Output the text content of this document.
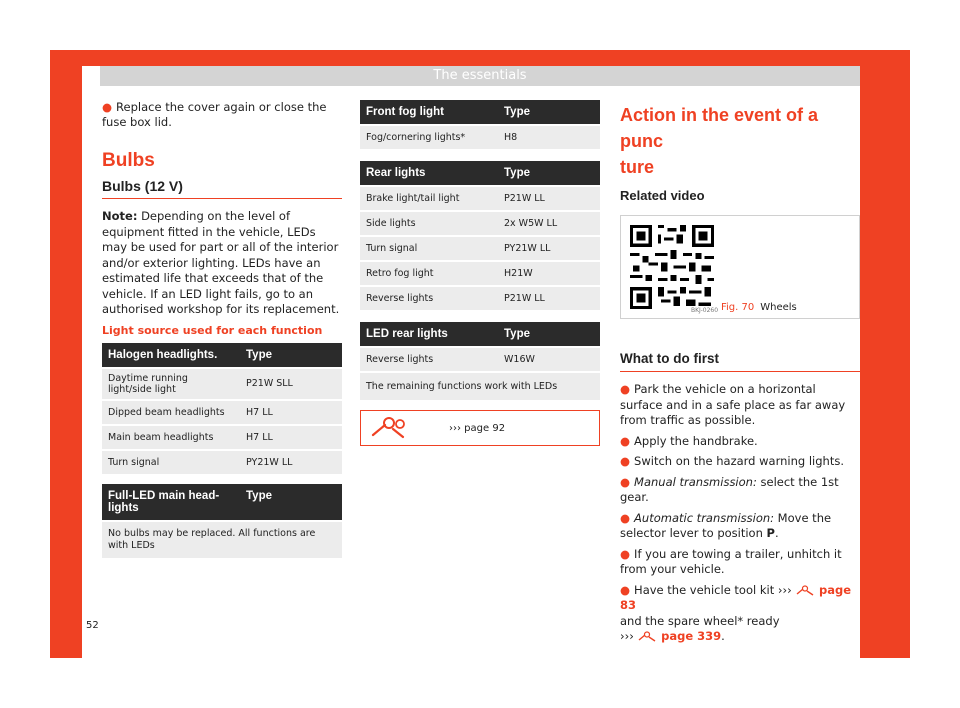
The essentials

● Replace the cover again or close the fuse box lid.

Bulbs
Bulbs (12 V)

Note: Depending on the level of equipment fitted in the vehicle, LEDs may be used for part or all of the interior and/or exterior lighting. LEDs have an estimated life that exceeds that of the vehicle. If an LED light fails, go to an authorised workshop for its replacement.

Light source used for each function
Halogen headlights.	Type
Daytime running light/side light	P21W SLL
Dipped beam headlights	H7 LL
Main beam headlights	H7 LL
Turn signal	PY21W LL
Full-LED main headlights	Type
No bulbs may be replaced. All functions are with LEDs
Front fog light	Type
Fog/cornering lights*	H8
Rear lights	Type
Brake light/tail light	P21W LL
Side lights	2x W5W LL
Turn signal	PY21W LL
Retro fog light	H21W
Reverse lights	P21W LL
LED rear lights	Type
Reverse lights	W16W
The remaining functions work with LEDs	
››› page 92
Action in the event of a punc
ture
Related video
BKJ-0260 Fig. 70 Wheels
What to do first

● Park the vehicle on a horizontal surface and in a safe place as far away from traffic as possible.

● Apply the handbrake.

● Switch on the hazard warning lights.

● Manual transmission: select the 1st gear.

● Automatic transmission: Move the selector lever to position P.

● If you are towing a trailer, unhitch it from your vehicle.

● Have the vehicle tool kit ››› page 83
and the spare wheel* ready
››› page 339.

52
